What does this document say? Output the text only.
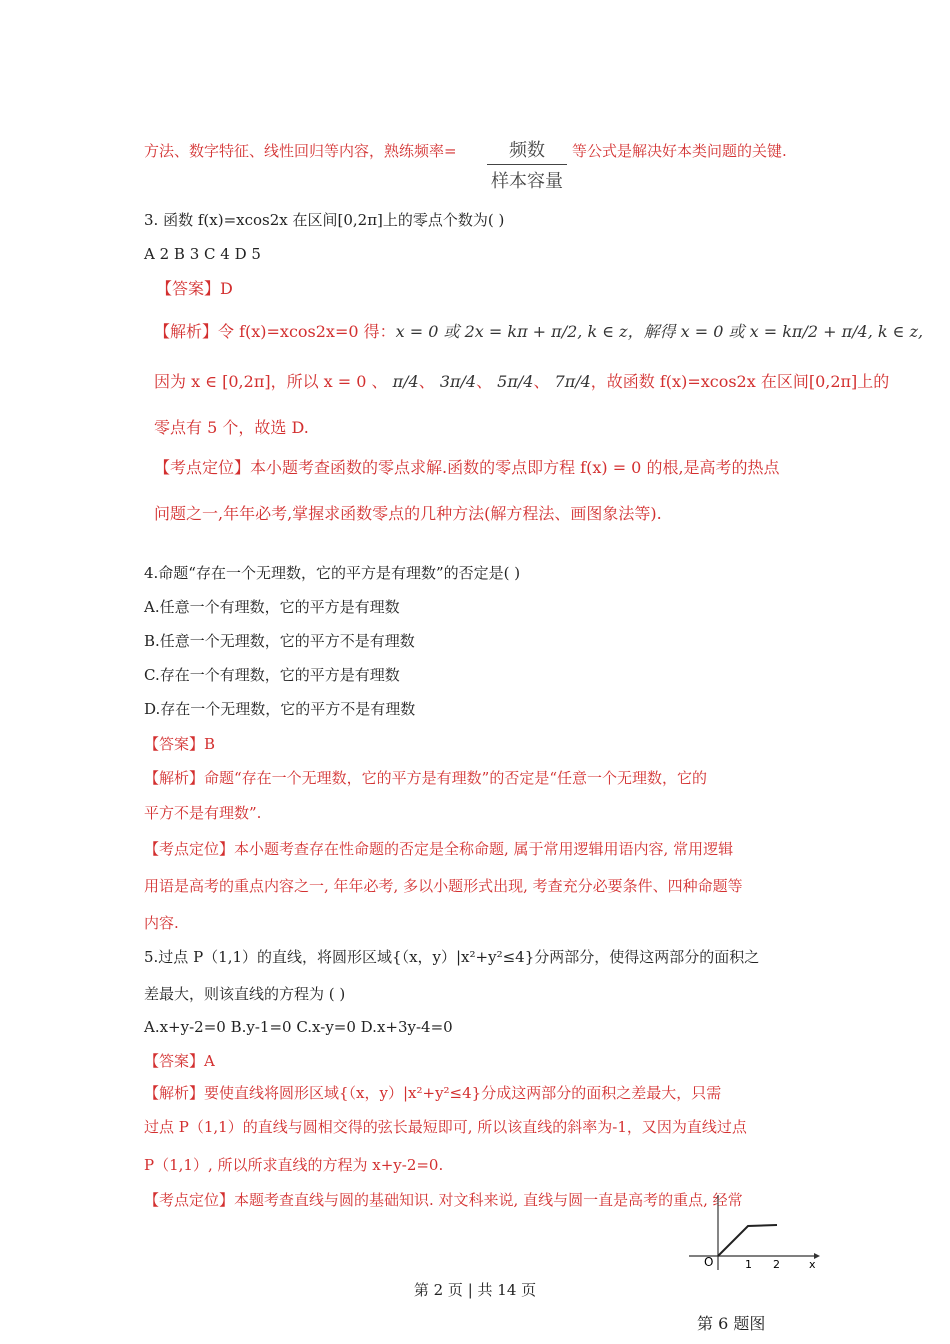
方法、数字特征、线性回归等内容，熟练频率=	频数
样本容量
等公式是解决好本类问题的关键.
3. 函数 f(x)=xcos2x 在区间[0,2π]上的零点个数为( )
A 2 B 3 C 4 D 5
【答案】D
【解析】令 f(x)=xcos2x=0 得：x = 0 或 2x = kπ + π/2, k ∈ z，解得 x = 0 或 x = kπ/2 + π/4, k ∈ z,
因为 x ∈ [0,2π]，所以 x = 0 、 π/4、 3π/4、 5π/4、 7π/4，故函数 f(x)=xcos2x 在区间[0,2π]上的
零点有 5 个，故选 D.
【考点定位】本小题考查函数的零点求解.函数的零点即方程 f(x) = 0 的根,是高考的热点
问题之一,年年必考,掌握求函数零点的几种方法(解方程法、画图象法等).
4.命题“存在一个无理数，它的平方是有理数”的否定是( )
A.任意一个有理数，它的平方是有理数
B.任意一个无理数，它的平方不是有理数
C.存在一个有理数，它的平方是有理数
D.存在一个无理数，它的平方不是有理数
【答案】B
【解析】命题“存在一个无理数，它的平方是有理数”的否定是“任意一个无理数，它的
平方不是有理数”.
【考点定位】本小题考查存在性命题的否定是全称命题, 属于常用逻辑用语内容, 常用逻辑
用语是高考的重点内容之一, 年年必考, 多以小题形式出现, 考查充分必要条件、四种命题等
内容.
5.过点 P（1,1）的直线，将圆形区域{（x，y）|x²+y²≤4}分两部分，使得这两部分的面积之
差最大，则该直线的方程为 ( )
A.x+y-2=0 B.y-1=0 C.x-y=0 D.x+3y-4=0
【答案】A
【解析】要使直线将圆形区域{（x，y）|x²+y²≤4}分成这两部分的面积之差最大，只需
过点 P（1,1）的直线与圆相交得的弦长最短即可, 所以该直线的斜率为-1，又因为直线过点
P（1,1）, 所以所求直线的方程为 x+y-2=0.
【考点定位】本题考查直线与圆的基础知识. 对文科来说, 直线与圆一直是高考的重点, 经常
O	1 2	x
第 2 页 | 共 14 页
第 6 题图
